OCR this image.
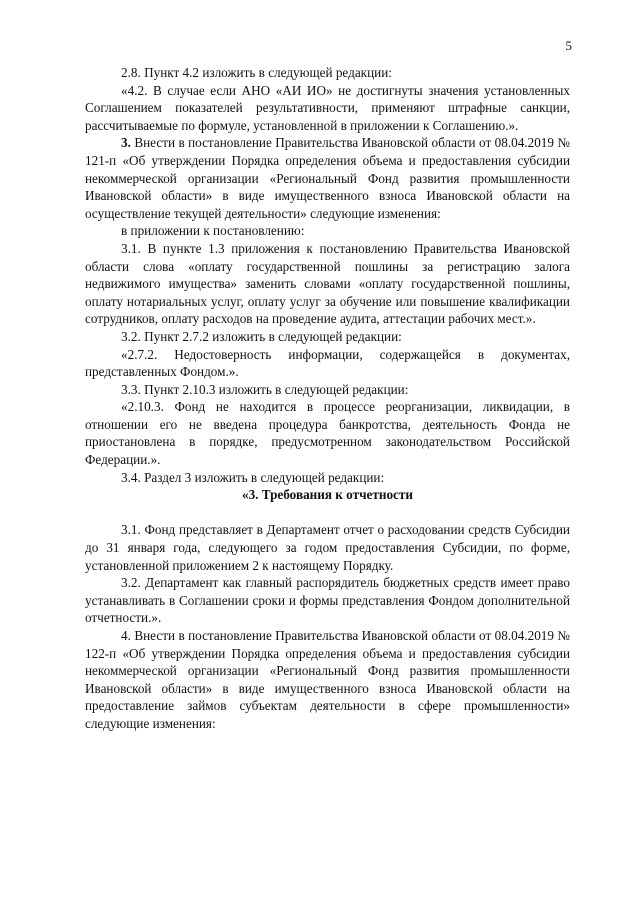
5

2.8. Пункт 4.2 изложить в следующей редакции:

«4.2. В случае если АНО «АИ ИО» не достигнуты значения установленных Соглашением показателей результативности, применяют штрафные санкции, рассчитываемые по формуле, установленной в приложении к Соглашению.».

3. Внести в постановление Правительства Ивановской области от 08.04.2019 № 121-п «Об утверждении Порядка определения объема и предоставления субсидии некоммерческой организации «Региональный Фонд развития промышленности Ивановской области» в виде имущественного взноса Ивановской области на осуществление текущей деятельности» следующие изменения:

в приложении к постановлению:

3.1. В пункте 1.3 приложения к постановлению Правительства Ивановской области слова «оплату государственной пошлины за регистрацию залога недвижимого имущества» заменить словами «оплату государственной пошлины, оплату нотариальных услуг, оплату услуг за обучение или повышение квалификации сотрудников, оплату расходов на проведение аудита, аттестации рабочих мест.».

3.2. Пункт 2.7.2 изложить в следующей редакции:

«2.7.2. Недостоверность информации, содержащейся в документах, представленных Фондом.».

3.3. Пункт 2.10.3 изложить в следующей редакции:

«2.10.3. Фонд не находится в процессе реорганизации, ликвидации, в отношении его не введена процедура банкротства, деятельность Фонда не приостановлена в порядке, предусмотренном законодательством Российской Федерации.».

3.4. Раздел 3 изложить в следующей редакции:

«3. Требования к отчетности

3.1. Фонд представляет в Департамент отчет о расходовании средств Субсидии до 31 января года, следующего за годом предоставления Субсидии, по форме, установленной приложением 2 к настоящему Порядку.

3.2. Департамент как главный распорядитель бюджетных средств имеет право устанавливать в Соглашении сроки и формы представления Фондом дополнительной отчетности.».

4. Внести в постановление Правительства Ивановской области от 08.04.2019 № 122-п «Об утверждении Порядка определения объема и предоставления субсидии некоммерческой организации «Региональный Фонд развития промышленности Ивановской области» в виде имущественного взноса Ивановской области на предоставление займов субъектам деятельности в сфере промышленности» следующие изменения:
